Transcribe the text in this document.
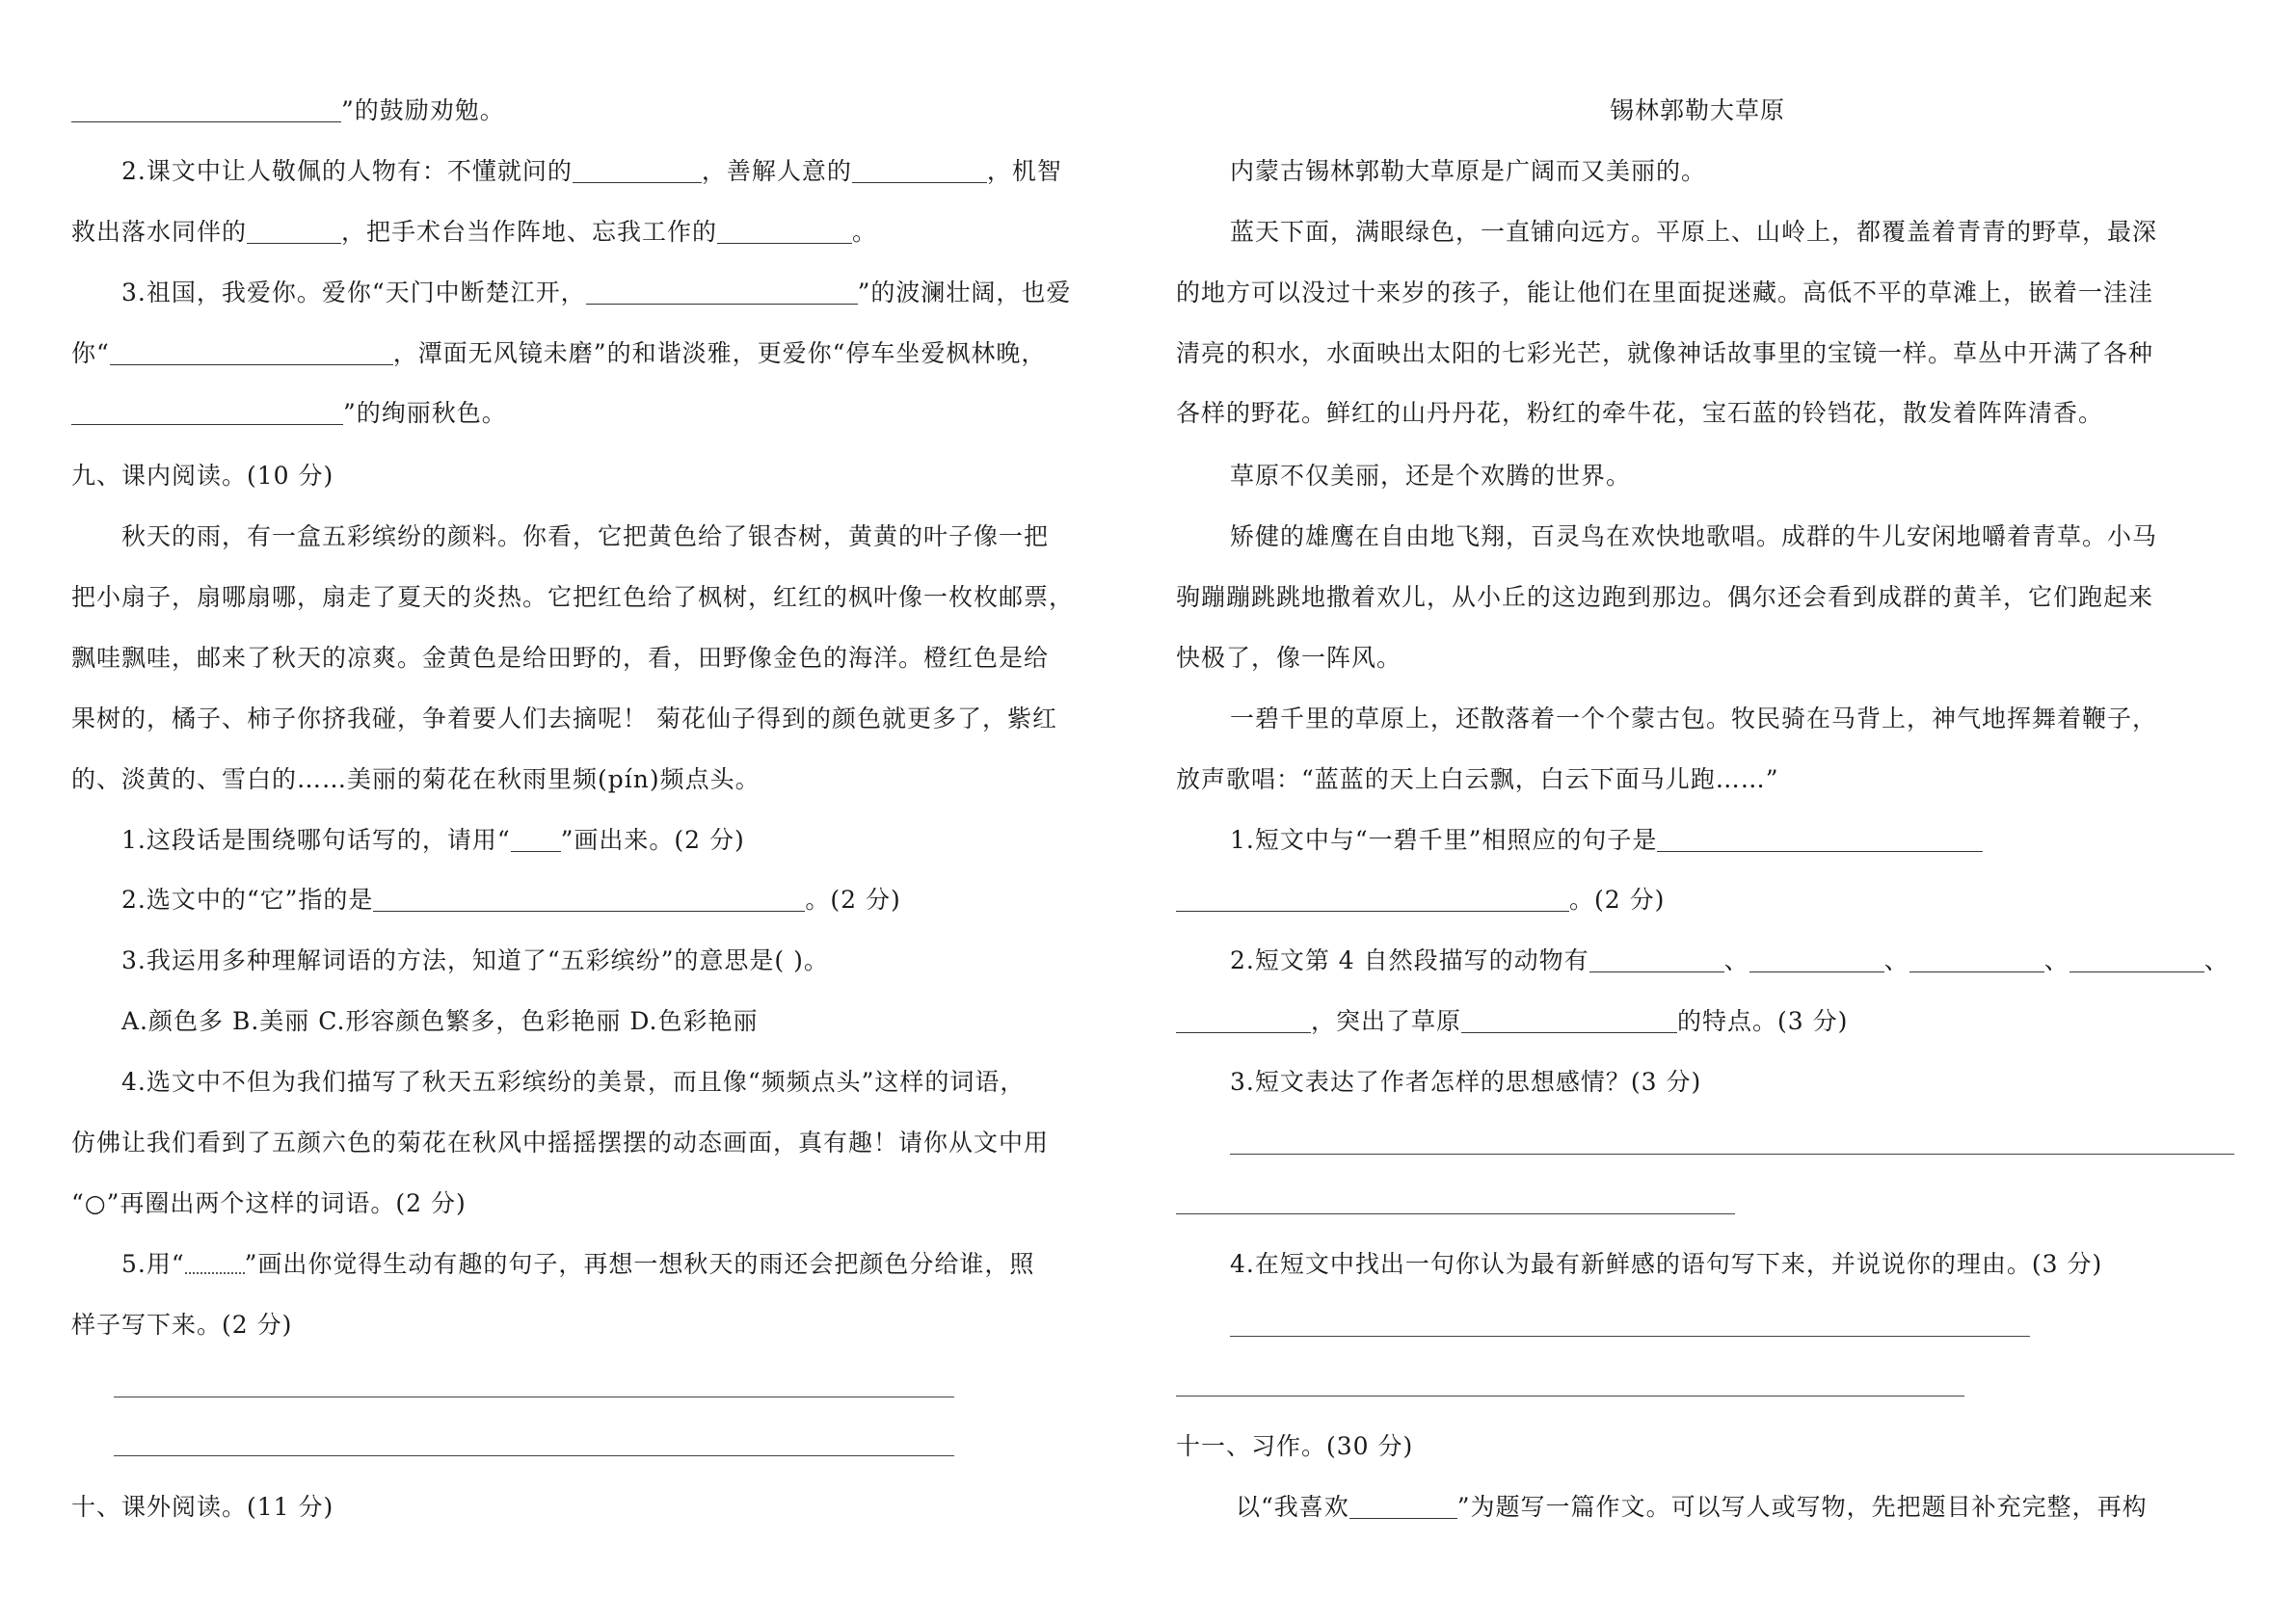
”的鼓励劝勉。
2.课文中让人敬佩的人物有：不懂就问的	，善解人意的	，机智
救出落水同伴的	，把手术台当作阵地、忘我工作的	。
3.祖国，我爱你。爱你“天门中断楚江开，	”的波澜壮阔，也爱
你“	，潭面无风镜未磨”的和谐淡雅，更爱你“停车坐爱枫林晚，
”的绚丽秋色。
九、课内阅读。(10 分)
秋天的雨，有一盒五彩缤纷的颜料。你看，它把黄色给了银杏树，黄黄的叶子像一把
把小扇子，扇哪扇哪，扇走了夏天的炎热。它把红色给了枫树，红红的枫叶像一枚枚邮票，
飘哇飘哇，邮来了秋天的凉爽。金黄色是给田野的，看，田野像金色的海洋。橙红色是给
果树的，橘子、柿子你挤我碰，争着要人们去摘呢！ 菊花仙子得到的颜色就更多了，紫红
的、淡黄的、雪白的……美丽的菊花在秋雨里频(pín)频点头。
1.这段话是围绕哪句话写的，请用“ ”画出来。(2 分)
2.选文中的“它”指的是	。(2 分)
3.我运用多种理解词语的方法，知道了“五彩缤纷”的意思是( )。
A.颜色多 B.美丽 C.形容颜色繁多，色彩艳丽 D.色彩艳丽
4.选文中不但为我们描写了秋天五彩缤纷的美景，而且像“频频点头”这样的词语，
仿佛让我们看到了五颜六色的菊花在秋风中摇摇摆摆的动态画面，真有趣！请你从文中用
“○”再圈出两个这样的词语。(2 分)
5.用“ ”画出你觉得生动有趣的句子，再想一想秋天的雨还会把颜色分给谁，照
样子写下来。(2 分)
十、课外阅读。(11 分)
锡林郭勒大草原
内蒙古锡林郭勒大草原是广阔而又美丽的。
蓝天下面，满眼绿色，一直铺向远方。平原上、山岭上，都覆盖着青青的野草，最深
的地方可以没过十来岁的孩子，能让他们在里面捉迷藏。高低不平的草滩上，嵌着一洼洼
清亮的积水，水面映出太阳的七彩光芒，就像神话故事里的宝镜一样。草丛中开满了各种
各样的野花。鲜红的山丹丹花，粉红的牵牛花，宝石蓝的铃铛花，散发着阵阵清香。
草原不仅美丽，还是个欢腾的世界。
矫健的雄鹰在自由地飞翔，百灵鸟在欢快地歌唱。成群的牛儿安闲地嚼着青草。小马
驹蹦蹦跳跳地撒着欢儿，从小丘的这边跑到那边。偶尔还会看到成群的黄羊，它们跑起来
快极了，像一阵风。
一碧千里的草原上，还散落着一个个蒙古包。牧民骑在马背上，神气地挥舞着鞭子，
放声歌唱：“蓝蓝的天上白云飘，白云下面马儿跑……”
1.短文中与“一碧千里”相照应的句子是
。(2 分)
2.短文第 4 自然段描写的动物有	、	、	、	、
，突出了草原	的特点。(3 分)
3.短文表达了作者怎样的思想感情？(3 分)
4.在短文中找出一句你认为最有新鲜感的语句写下来，并说说你的理由。(3 分)
十一、习作。(30 分)
以“我喜欢	”为题写一篇作文。可以写人或写物，先把题目补充完整，再构
